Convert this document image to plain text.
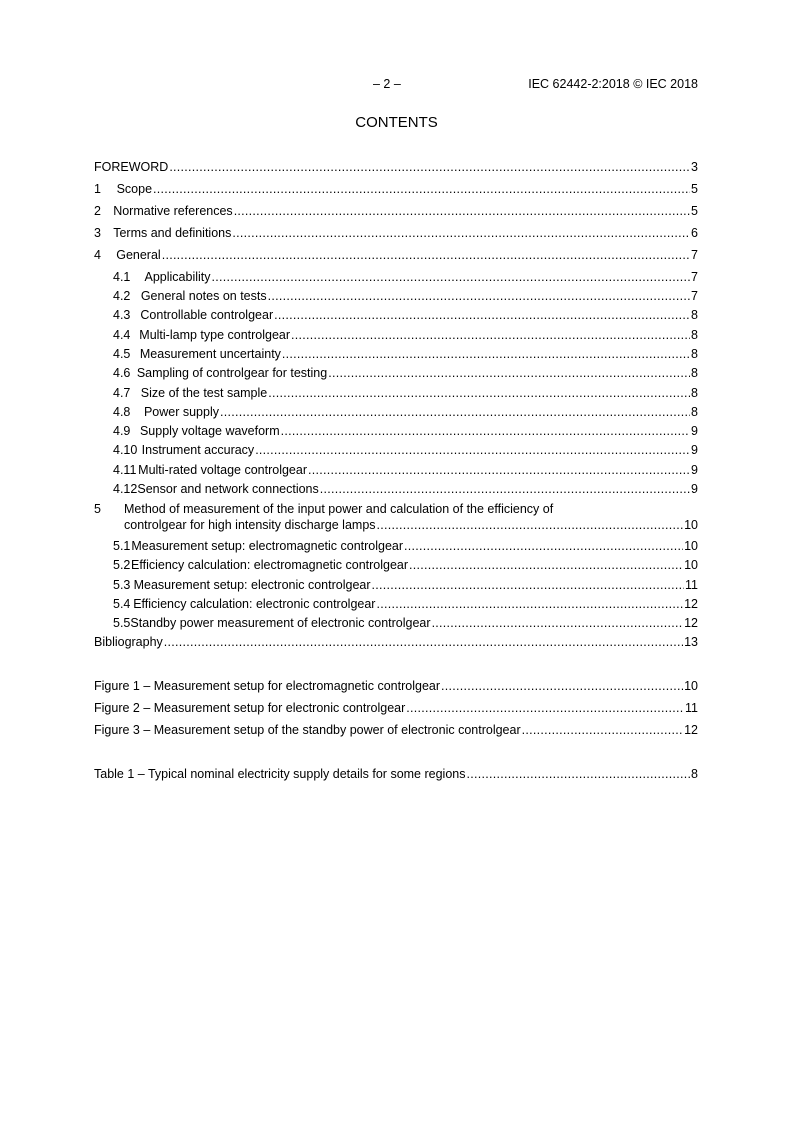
– 2 –	IEC 62442-2:2018 © IEC 2018
CONTENTS
FOREWORD . . .	3
1	Scope . . .	5
2 Normative references . . .	5
3 Terms and definitions . . .	6
4	General . . .	7
4.1	Applicability . . .	7
4.2 General notes on tests . . .	7
4.3 Controllable controlgear . . .	8
4.4 Multi-lamp type controlgear . . .	8
4.5 Measurement uncertainty . . .	8
4.6 Sampling of controlgear for testing . . .	8
4.7 Size of the test sample . . .	8
4.8	Power supply . . .	8
4.9 Supply voltage waveform . . .	9
4.10 Instrument accuracy . . .	9
4.11 Multi-rated voltage controlgear . . .	9
4.12 Sensor and network connections . . .	9
5 Method of measurement of the input power and calculation of the efficiency of
controlgear for high intensity discharge lamps . . .	10
5.1 Measurement setup: electromagnetic controlgear . . .	10
5.2 Efficiency calculation: electromagnetic controlgear . . .	10
5.3 Measurement setup: electronic controlgear . . .	11
5.4 Efficiency calculation: electronic controlgear . . .	12
5.5 Standby power measurement of electronic controlgear . . .	12
Bibliography . . .	13
Figure 1 – Measurement setup for electromagnetic controlgear . . .	10
Figure 2 – Measurement setup for electronic controlgear . . .	11
Figure 3 – Measurement setup of the standby power of electronic controlgear . . .	12
Table 1 – Typical nominal electricity supply details for some regions . . .	8
